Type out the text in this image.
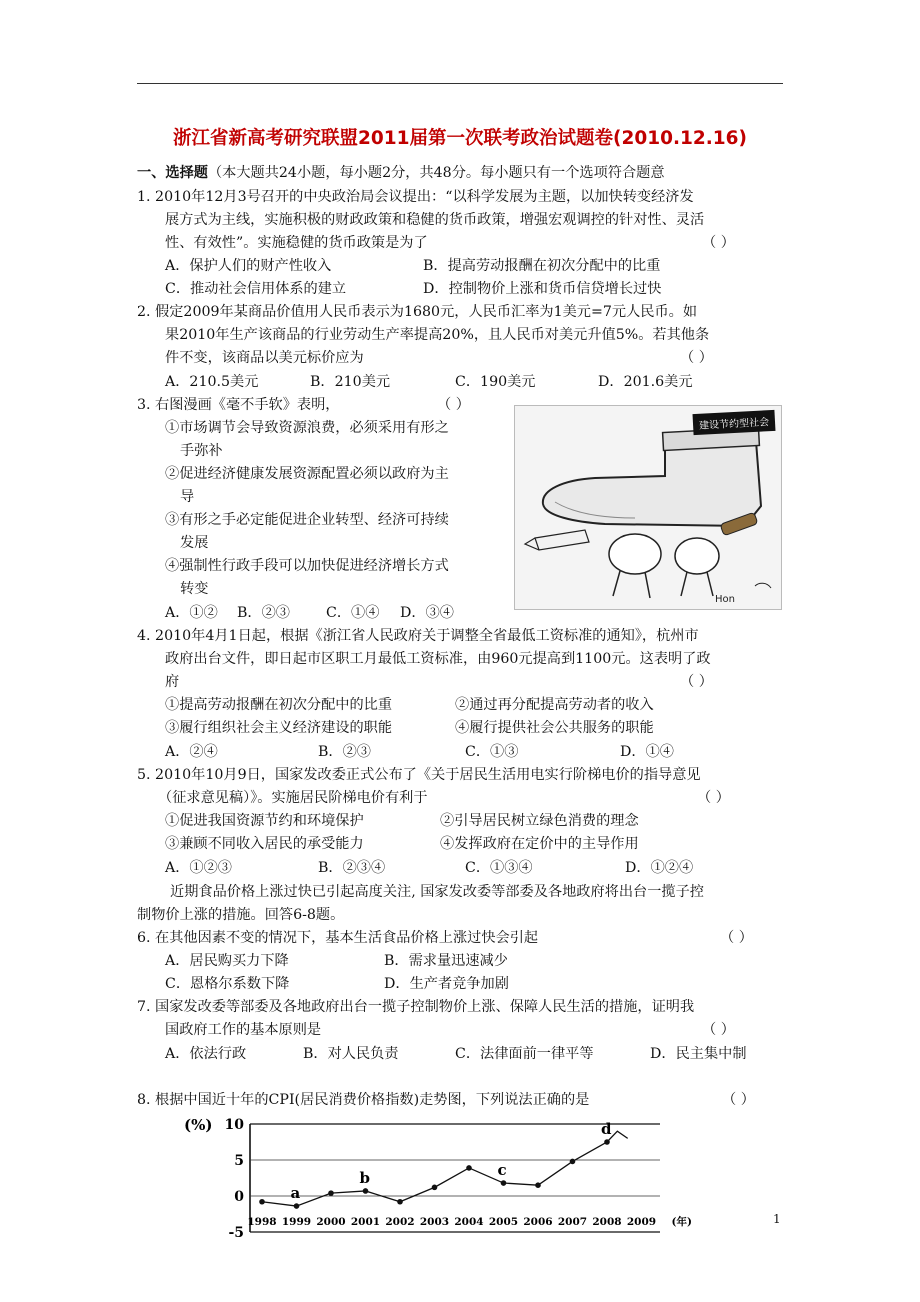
浙江省新高考研究联盟2011届第一次联考政治试题卷(2010.12.16)
一、选择题（本大题共24小题，每小题2分，共48分。每小题只有一个选项符合题意
1. 2010年12月3号召开的中央政治局会议提出：“以科学发展为主题，以加快转变经济发
展方式为主线，实施积极的财政政策和稳健的货币政策，增强宏观调控的针对性、灵活
性、有效性”。实施稳健的货币政策是为了	（ ）
A．保护人们的财产性收入	B．提高劳动报酬在初次分配中的比重
C．推动社会信用体系的建立	D．控制物价上涨和货币信贷增长过快
2. 假定2009年某商品价值用人民币表示为1680元，人民币汇率为1美元=7元人民币。如
果2010年生产该商品的行业劳动生产率提高20%，且人民币对美元升值5%。若其他条
件不变，该商品以美元标价应为	（ ）
A．210.5美元	B．210美元	C．190美元	D．201.6美元
3. 右图漫画《毫不手软》表明，	（ ）
①市场调节会导致资源浪费，必须采用有形之
手弥补
②促进经济健康发展资源配置必须以政府为主
导
③有形之手必定能促进企业转型、经济可持续
发展
④强制性行政手段可以加快促进经济增长方式
转变
A．①② B．②③	C．①④ D．③④
建设节约型社会
Hon
4. 2010年4月1日起，根据《浙江省人民政府关于调整全省最低工资标准的通知》，杭州市
政府出台文件，即日起市区职工月最低工资标准，由960元提高到1100元。这表明了政
府	（ ）
①提高劳动报酬在初次分配中的比重	②通过再分配提高劳动者的收入
③履行组织社会主义经济建设的职能	④履行提供社会公共服务的职能
A．②④	B．②③	C．①③	D．①④
5. 2010年10月9日，国家发改委正式公布了《关于居民生活用电实行阶梯电价的指导意见
（征求意见稿）》。实施居民阶梯电价有利于	（ ）
①促进我国资源节约和环境保护	②引导居民树立绿色消费的理念
③兼顾不同收入居民的承受能力	④发挥政府在定价中的主导作用
A．①②③	B．②③④	C．①③④	D．①②④
近期食品价格上涨过快已引起高度关注, 国家发改委等部委及各地政府将出台一揽子控
制物价上涨的措施。回答6-8题。
6. 在其他因素不变的情况下，基本生活食品价格上涨过快会引起	（ ）
A．居民购买力下降	B．需求量迅速减少
C．恩格尔系数下降	D．生产者竞争加剧
7. 国家发改委等部委及各地政府出台一揽子控制物价上涨、保障人民生活的措施，证明我
国政府工作的基本原则是	（ ）
A．依法行政	B．对人民负责	C．法律面前一律平等	D．民主集中制
8. 根据中国近十年的CPI(居民消费价格指数)走势图，下列说法正确的是	（ ）
(%) 10
5
0
-5
1998 1999 2000 2001 2002 2003 2004 2005 2006 2007 2008 2009 (年)
a
b	c
d
1
